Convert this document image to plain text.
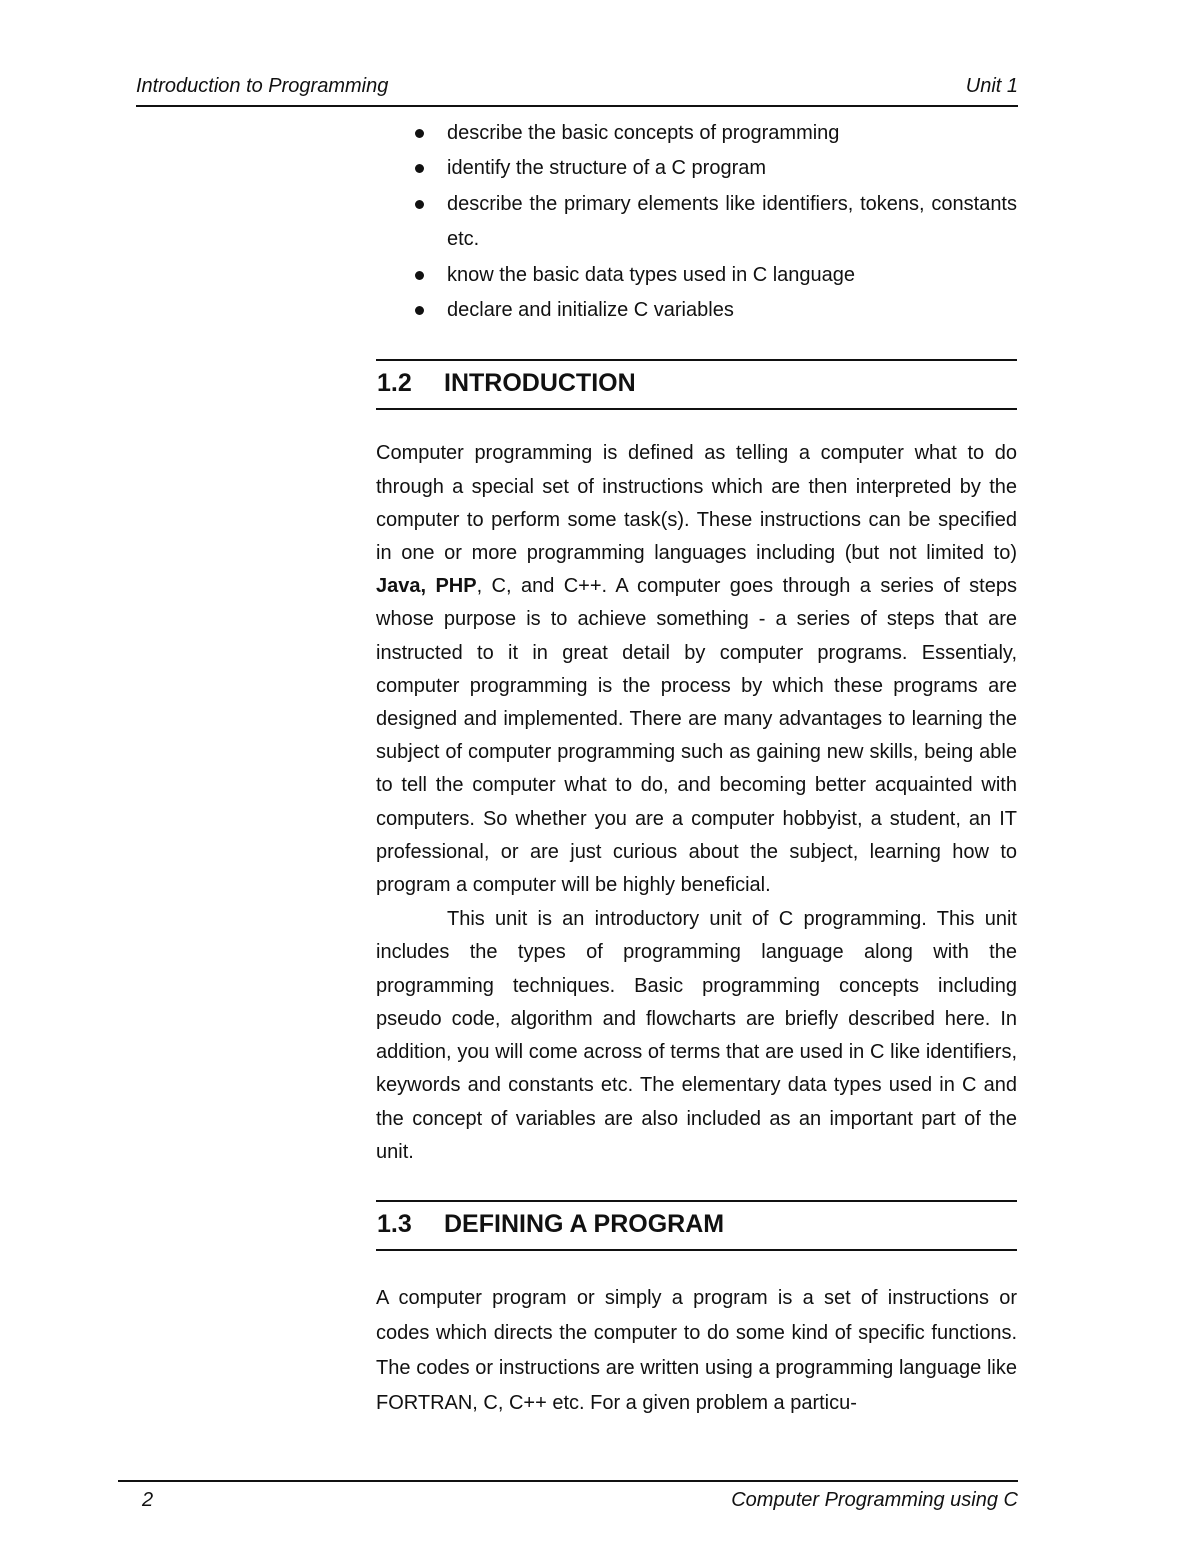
Introduction to Programming	Unit 1
describe the basic concepts of programming
identify the structure of a C program
describe the primary elements like identifiers, tokens, constants etc.
know the basic data types used in C language
declare and initialize C variables
1.2 INTRODUCTION

Computer programming is defined as telling a computer what to do through a special set of instructions which are then interpreted by the computer to perform some task(s). These instructions can be specified in one or more programming languages including (but not limited to) Java, PHP, C, and C++. A computer goes through a series of steps whose purpose is to achieve something - a series of steps that are instructed to it in great detail by computer programs. Essentialy, computer programming is the process by which these programs are designed and implemented. There are many advantages to learning the subject of computer programming such as gaining new skills, being able to tell the computer what to do, and becoming better acquainted with computers. So whether you are a computer hobbyist, a student, an IT professional, or are just curious about the subject, learning how to program a computer will be highly beneficial.

This unit is an introductory unit of C programming. This unit includes the types of programming language along with the programming techniques. Basic programming concepts including pseudo code, algorithm and flowcharts are briefly described here. In addition, you will come across of terms that are used in C like identifiers, keywords and constants etc. The elementary data types used in C and the concept of variables are also included as an important part of the unit.

1.3 DEFINING A PROGRAM

A computer program or simply a program is a set of instructions or codes which directs the computer to do some kind of specific functions. The codes or instructions are written using a programming language like FORTRAN, C, C++ etc. For a given problem a particu-

2	Computer Programming using C
